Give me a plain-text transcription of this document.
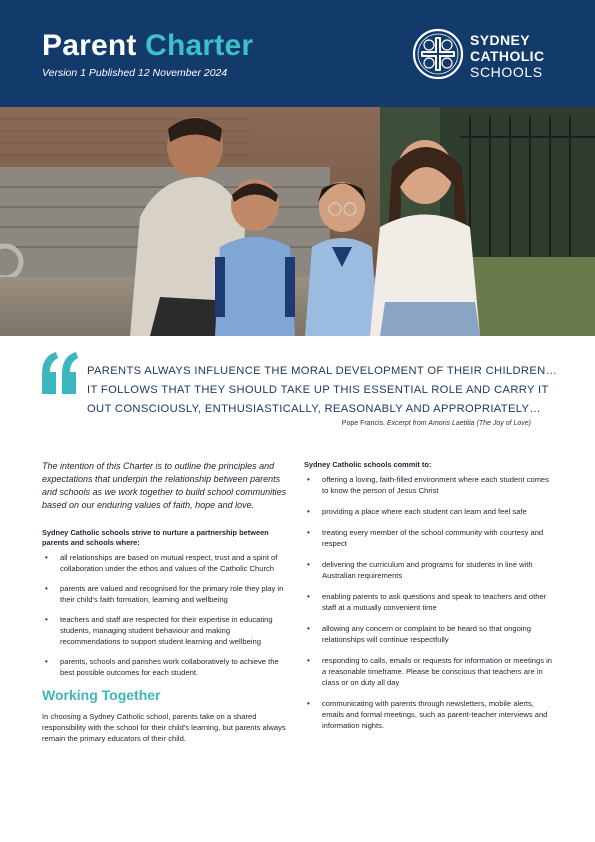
Parent Charter
Version 1 Published 12 November 2024
SYDNEY
CATHOLIC
SCHOOLS
PARENTS ALWAYS INFLUENCE THE MORAL DEVELOPMENT OF THEIR CHILDREN…
IT FOLLOWS THAT THEY SHOULD TAKE UP THIS ESSENTIAL ROLE AND CARRY IT
OUT CONSCIOUSLY, ENTHUSIASTICALLY, REASONABLY AND APPROPRIATELY…
Pope Francis, Excerpt from Amoris Laetitia (The Joy of Love)

The intention of this Charter is to outline the principles and expectations that underpin the relationship between parents and schools as we work together to build school communities based on our enduring values of faith, hope and love.

Sydney Catholic schools strive to nurture a partnership between parents and schools where:

• all relationships are based on mutual respect, trust and a spirit of collaboration under the ethos and values of the Catholic Church
• parents are valued and recognised for the primary role they play in their child's faith formation, learning and wellbeing
• teachers and staff are respected for their expertise in educating students, managing student behaviour and making recommendations to support student learning and wellbeing
• parents, schools and parishes work collaboratively to achieve the best possible outcomes for each student.
Working Together

In choosing a Sydney Catholic school, parents take on a shared responsibility with the school for their child's learning, but parents always remain the primary educators of their child.

Sydney Catholic schools commit to:

• offering a loving, faith-filled environment where each student comes to know the person of Jesus Christ
• providing a place where each student can learn and feel safe
• treating every member of the school community with courtesy and respect
• delivering the curriculum and programs for students in line with Australian requirements
• enabling parents to ask questions and speak to teachers and other staff at a mutually convenient time
• allowing any concern or complaint to be heard so that ongoing relationships will continue respectfully
• responding to calls, emails or requests for information or meetings in a reasonable timeframe. Please be conscious that teachers are in class or on duty all day
• communicating with parents through newsletters, mobile alerts, emails and formal meetings, such as parent-teacher interviews and information nights.
